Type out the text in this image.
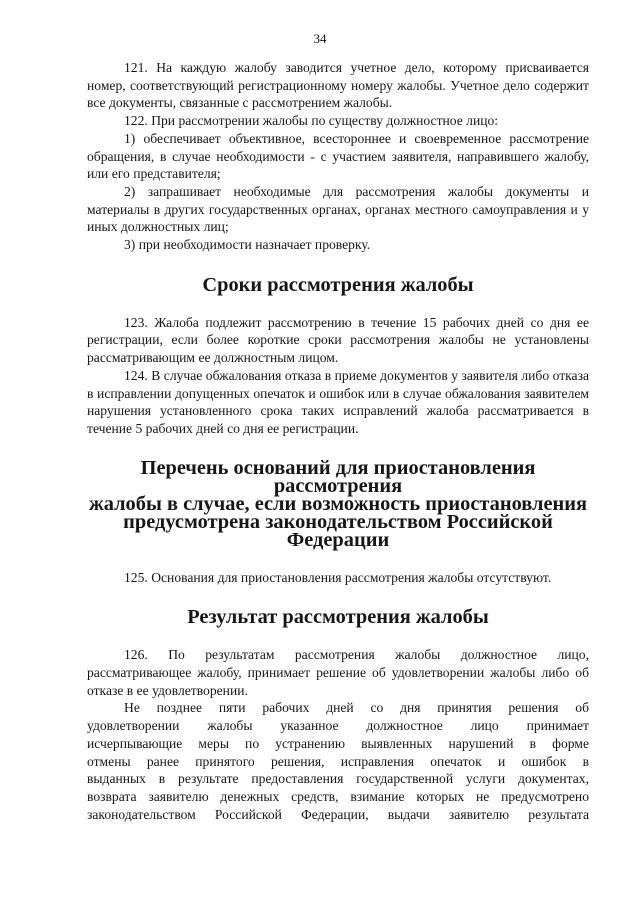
34

121. На каждую жалобу заводится учетное дело, которому присваивается номер, соответствующий регистрационному номеру жалобы. Учетное дело содержит все документы, связанные с рассмотрением жалобы.

122. При рассмотрении жалобы по существу должностное лицо:

1) обеспечивает объективное, всестороннее и своевременное рассмотрение обращения, в случае необходимости - с участием заявителя, направившего жалобу, или его представителя;

2) запрашивает необходимые для рассмотрения жалобы документы и материалы в других государственных органах, органах местного самоуправления и у иных должностных лиц;

3) при необходимости назначает проверку.

Сроки рассмотрения жалобы

123. Жалоба подлежит рассмотрению в течение 15 рабочих дней со дня ее регистрации, если более короткие сроки рассмотрения жалобы не установлены рассматривающим ее должностным лицом.

124. В случае обжалования отказа в приеме документов у заявителя либо отказа в исправлении допущенных опечаток и ошибок или в случае обжалования заявителем нарушения установленного срока таких исправлений жалоба рассматривается в течение 5 рабочих дней со дня ее регистрации.

Перечень оснований для приостановления рассмотрения
жалобы в случае, если возможность приостановления
предусмотрена законодательством Российской Федерации

125. Основания для приостановления рассмотрения жалобы отсутствуют.

Результат рассмотрения жалобы

126. По результатам рассмотрения жалобы должностное лицо, рассматривающее жалобу, принимает решение об удовлетворении жалобы либо об отказе в ее удовлетворении.

Не позднее пяти рабочих дней со дня принятия решения об

удовлетворении жалобы указанное должностное лицо принимает

исчерпывающие меры по устранению выявленных нарушений в форме

отмены ранее принятого решения, исправления опечаток и ошибок в

выданных в результате предоставления государственной услуги документах,

возврата заявителю денежных средств, взимание которых не предусмотрено

законодательством Российской Федерации, выдачи заявителю результата
